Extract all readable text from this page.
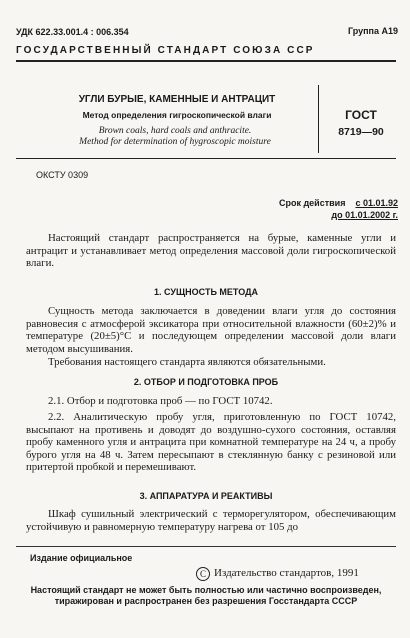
УДК 622.33.001.4 : 006.354	Группа А19
ГОСУДАРСТВЕННЫЙ СТАНДАРТ СОЮЗА ССР
УГЛИ БУРЫЕ, КАМЕННЫЕ И АНТРАЦИТ
Метод определения гигроскопической влаги
Brown coals, hard coals and anthracite.
Method for determination of hygroscopic moisture
ГОСТ
8719—90
ОКСТУ 0309
Срок действия с 01.01.92
до 01.01.2002 г.
Настоящий стандарт распространяется на бурые, каменные угли и антрацит и устанавливает метод определения массовой доли гигроскопической влаги.
1. СУЩНОСТЬ МЕТОДА
Сущность метода заключается в доведении влаги угля до состояния равновесия с атмосферой эксикатора при относительной влажности (60±2)% и температуре (20±5)°С и последующем определении массовой доли влаги методом высушивания.
Требования настоящего стандарта являются обязательными.
2. ОТБОР И ПОДГОТОВКА ПРОБ
2.1. Отбор и подготовка проб — по ГОСТ 10742.
2.2. Аналитическую пробу угля, приготовленную по ГОСТ 10742, высыпают на противень и доводят до воздушно-сухого состояния, оставляя пробу каменного угля и антрацита при комнатной температуре на 24 ч, а пробу бурого угля на 48 ч. Затем пересыпают в стеклянную банку с резиновой или притертой пробкой и перемешивают.
3. АППАРАТУРА И РЕАКТИВЫ
Шкаф сушильный электрический с терморегулятором, обеспечивающим устойчивую и равномерную температуру нагрева от 105 до
Издание официальное
С Издательство стандартов, 1991
Настоящий стандарт не может быть полностью или частично воспроизведен,
тиражирован и распространен без разрешения Госстандарта СССР
